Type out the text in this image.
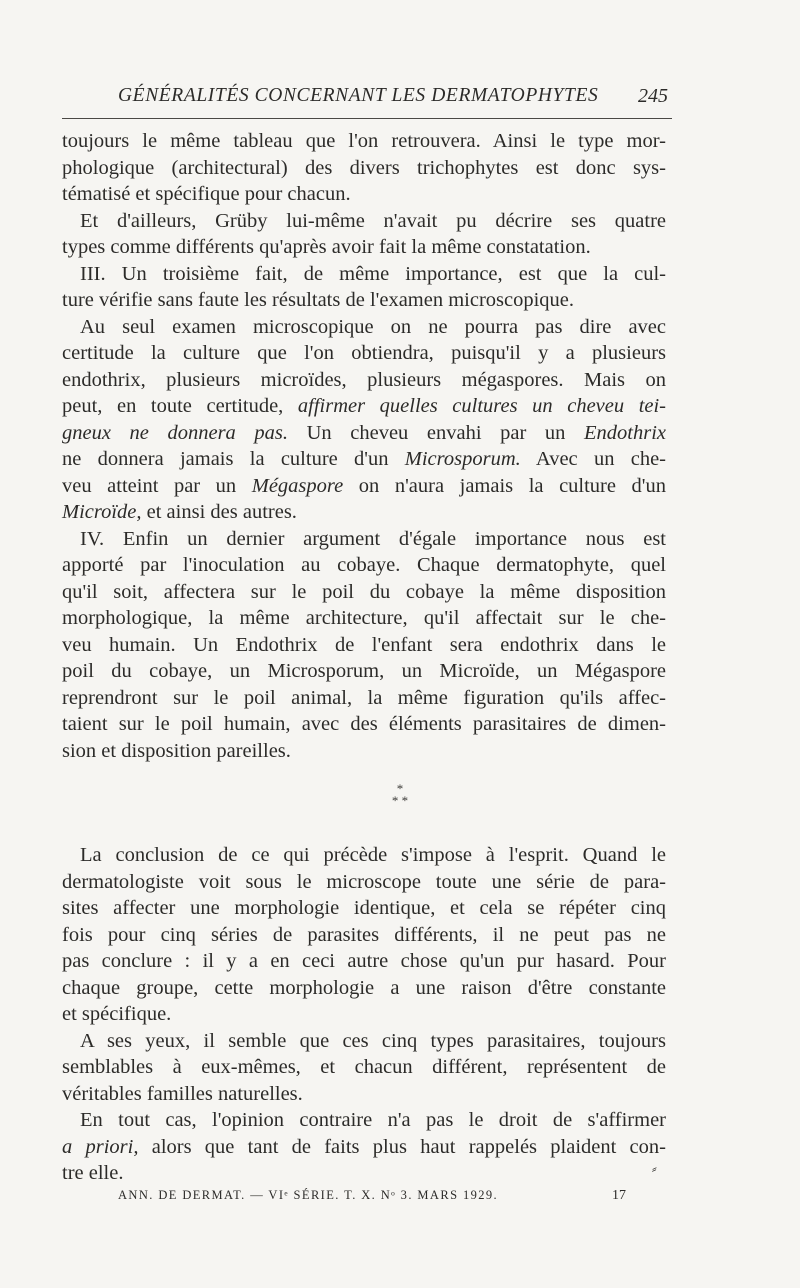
GÉNÉRALITÉS CONCERNANT LES DERMATOPHYTES 245

toujours le même tableau que l'on retrouvera. Ainsi le type mor-

phologique (architectural) des divers trichophytes est donc sys-

tématisé et spécifique pour chacun.

Et d'ailleurs, Grüby lui-même n'avait pu décrire ses quatre

types comme différents qu'après avoir fait la même constatation.

III. Un troisième fait, de même importance, est que la cul-

ture vérifie sans faute les résultats de l'examen microscopique.

Au seul examen microscopique on ne pourra pas dire avec

certitude la culture que l'on obtiendra, puisqu'il y a plusieurs

endothrix, plusieurs microïdes, plusieurs mégaspores. Mais on

peut, en toute certitude, affirmer quelles cultures un cheveu tei-

gneux ne donnera pas. Un cheveu envahi par un Endothrix

ne donnera jamais la culture d'un Microsporum. Avec un che-

veu atteint par un Mégaspore on n'aura jamais la culture d'un

Microïde, et ainsi des autres.

IV. Enfin un dernier argument d'égale importance nous est

apporté par l'inoculation au cobaye. Chaque dermatophyte, quel

qu'il soit, affectera sur le poil du cobaye la même disposition

morphologique, la même architecture, qu'il affectait sur le che-

veu humain. Un Endothrix de l'enfant sera endothrix dans le

poil du cobaye, un Microsporum, un Microïde, un Mégaspore

reprendront sur le poil animal, la même figuration qu'ils affec-

taient sur le poil humain, avec des éléments parasitaires de dimen-

sion et disposition pareilles.

*
* *

La conclusion de ce qui précède s'impose à l'esprit. Quand le

dermatologiste voit sous le microscope toute une série de para-

sites affecter une morphologie identique, et cela se répéter cinq

fois pour cinq séries de parasites différents, il ne peut pas ne

pas conclure : il y a en ceci autre chose qu'un pur hasard. Pour

chaque groupe, cette morphologie a une raison d'être constante

et spécifique.

A ses yeux, il semble que ces cinq types parasitaires, toujours

semblables à eux-mêmes, et chacun différent, représentent de

véritables familles naturelles.

En tout cas, l'opinion contraire n'a pas le droit de s'affirmer

a priori, alors que tant de faits plus haut rappelés plaident con-

tre elle.	⸗
ANN. DE DERMAT. — VIᵉ SÉRIE. T. X. Nᵒ 3. MARS 1929.	17
